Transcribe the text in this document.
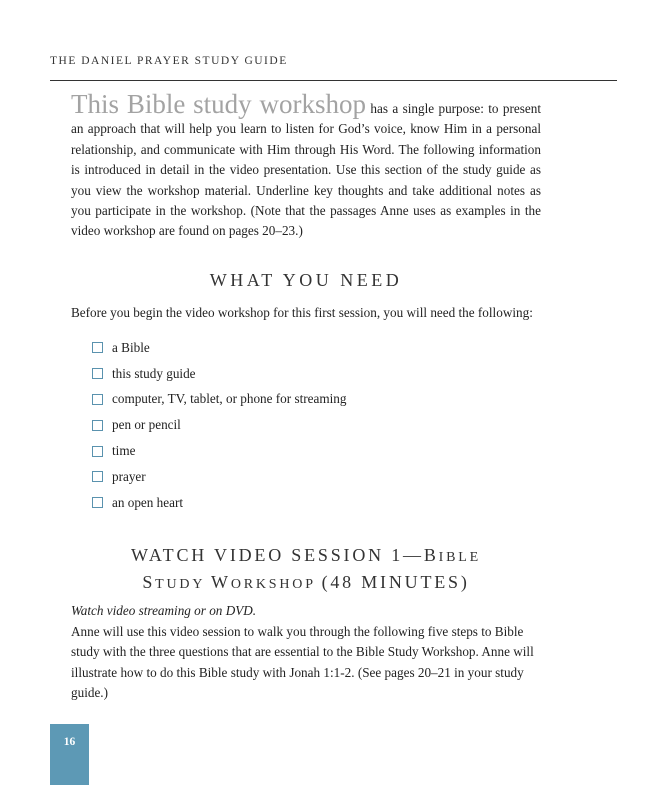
THE DANIEL PRAYER STUDY GUIDE

This Bible study workshop has a single purpose: to present an approach that will help you learn to listen for God’s voice, know Him in a personal relationship, and communicate with Him through His Word. The following information is introduced in detail in the video presentation. Use this section of the study guide as you view the workshop material. Underline key thoughts and take additional notes as you participate in the workshop. (Note that the passages Anne uses as examples in the video workshop are found on pages 20–23.)

WHAT YOU NEED

Before you begin the video workshop for this first session, you will need the following:

a Bible
this study guide
computer, TV, tablet, or phone for streaming
pen or pencil
time
prayer
an open heart
WATCH VIDEO SESSION 1—BIBLE
STUDY WORKSHOP (48 MINUTES)

Watch video streaming or on DVD.

Anne will use this video session to walk you through the following five steps to Bible study with the three questions that are essential to the Bible Study Workshop. Anne will illustrate how to do this Bible study with Jonah 1:1-2. (See pages 20–21 in your study guide.)

16
